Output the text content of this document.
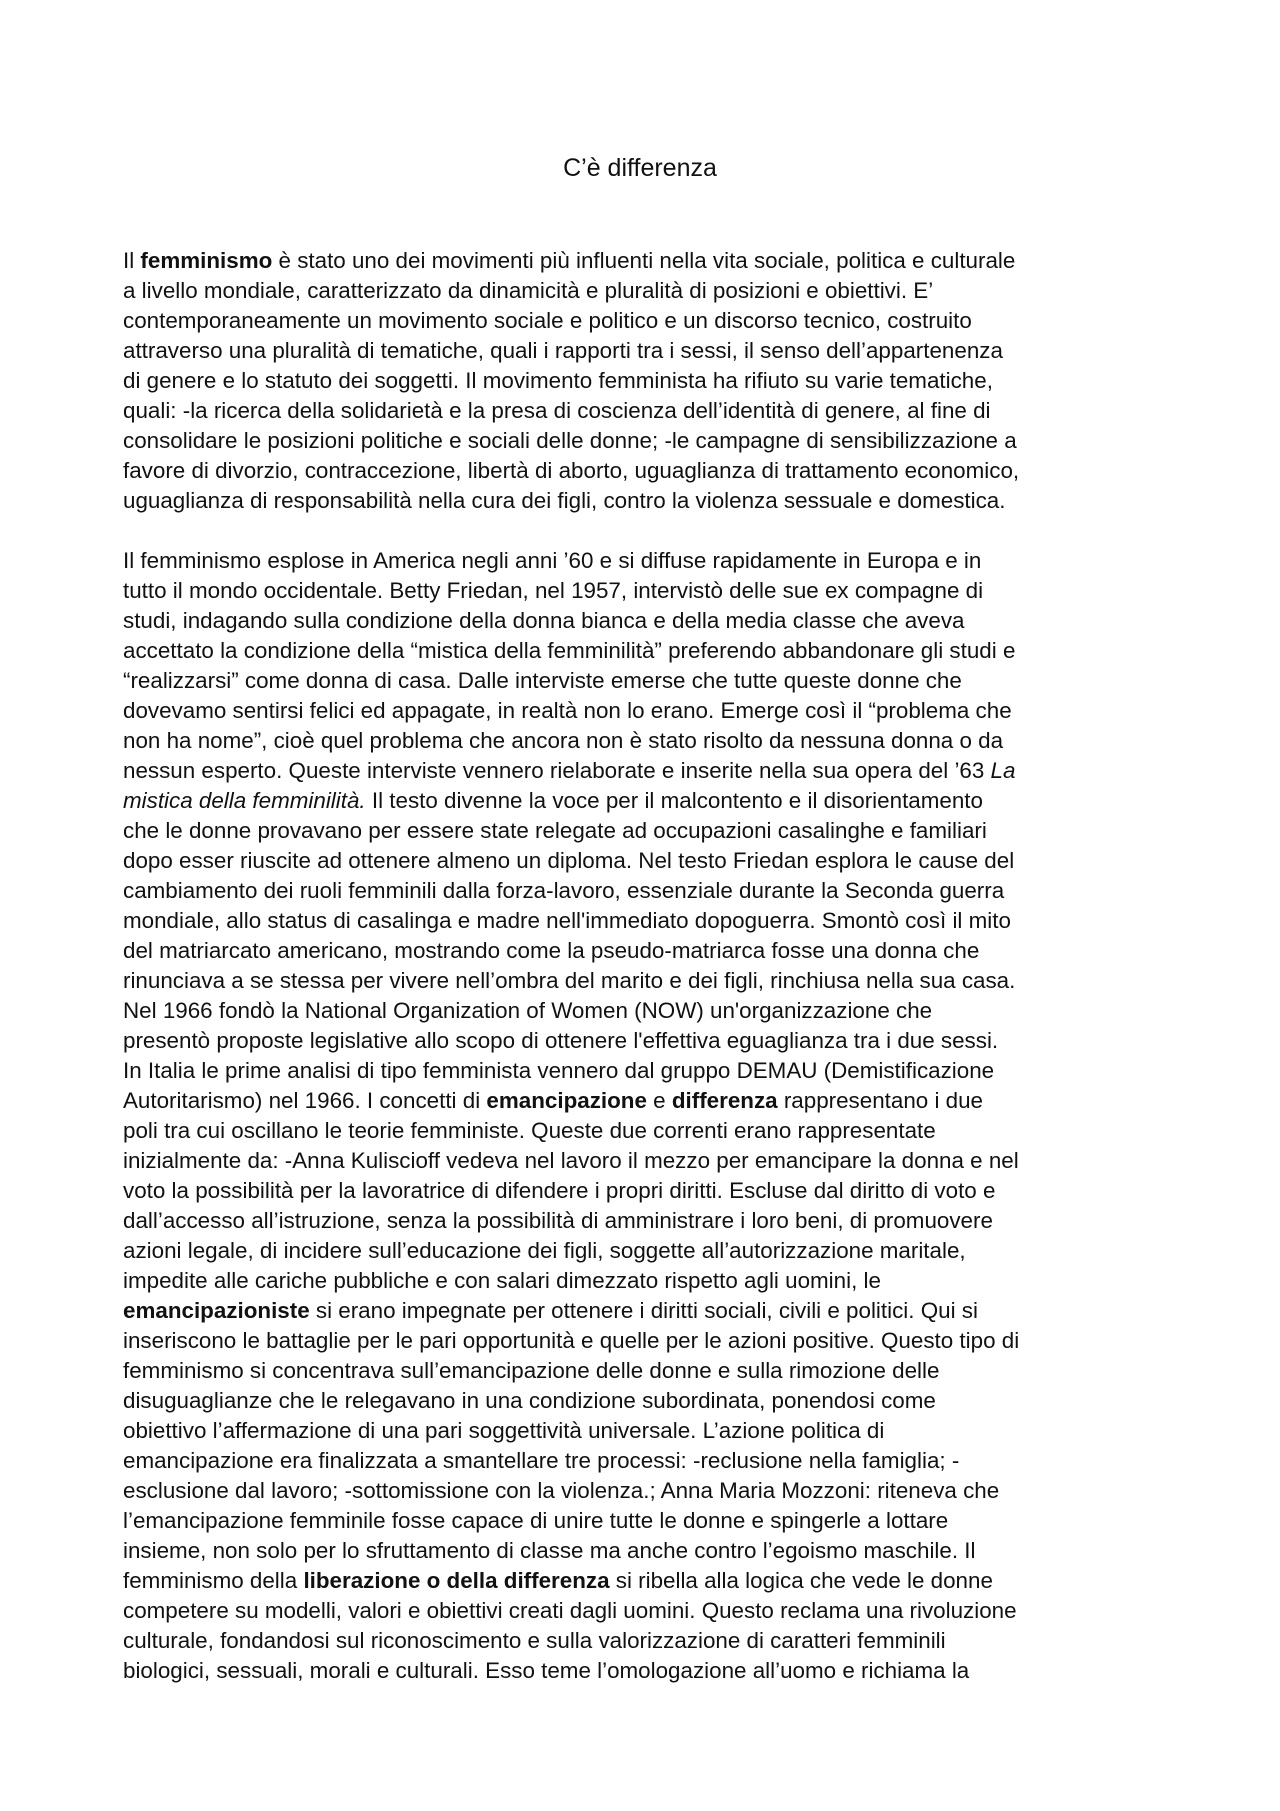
C’è differenza

Il femminismo è stato uno dei movimenti più influenti nella vita sociale, politica e culturale
a livello mondiale, caratterizzato da dinamicità e pluralità di posizioni e obiettivi. E’
contemporaneamente un movimento sociale e politico e un discorso tecnico, costruito
attraverso una pluralità di tematiche, quali i rapporti tra i sessi, il senso dell’appartenenza
di genere e lo statuto dei soggetti. Il movimento femminista ha rifiuto su varie tematiche,
quali: -la ricerca della solidarietà e la presa di coscienza dell’identità di genere, al fine di
consolidare le posizioni politiche e sociali delle donne; -le campagne di sensibilizzazione a
favore di divorzio, contraccezione, libertà di aborto, uguaglianza di trattamento economico,
uguaglianza di responsabilità nella cura dei figli, contro la violenza sessuale e domestica.

Il femminismo esplose in America negli anni ’60 e si diffuse rapidamente in Europa e in
tutto il mondo occidentale. Betty Friedan, nel 1957, intervistò delle sue ex compagne di
studi, indagando sulla condizione della donna bianca e della media classe che aveva
accettato la condizione della “mistica della femminilità” preferendo abbandonare gli studi e
“realizzarsi” come donna di casa. Dalle interviste emerse che tutte queste donne che
dovevamo sentirsi felici ed appagate, in realtà non lo erano. Emerge così il “problema che
non ha nome”, cioè quel problema che ancora non è stato risolto da nessuna donna o da
nessun esperto. Queste interviste vennero rielaborate e inserite nella sua opera del ’63 La
mistica della femminilità. Il testo divenne la voce per il malcontento e il disorientamento
che le donne provavano per essere state relegate ad occupazioni casalinghe e familiari
dopo esser riuscite ad ottenere almeno un diploma. Nel testo Friedan esplora le cause del
cambiamento dei ruoli femminili dalla forza-lavoro, essenziale durante la Seconda guerra
mondiale, allo status di casalinga e madre nell'immediato dopoguerra. Smontò così il mito
del matriarcato americano, mostrando come la pseudo-matriarca fosse una donna che
rinunciava a se stessa per vivere nell’ombra del marito e dei figli, rinchiusa nella sua casa.
Nel 1966 fondò la National Organization of Women (NOW) un'organizzazione che
presentò proposte legislative allo scopo di ottenere l'effettiva eguaglianza tra i due sessi.
In Italia le prime analisi di tipo femminista vennero dal gruppo DEMAU (Demistificazione
Autoritarismo) nel 1966. I concetti di emancipazione e differenza rappresentano i due
poli tra cui oscillano le teorie femministe. Queste due correnti erano rappresentate
inizialmente da: -Anna Kuliscioff vedeva nel lavoro il mezzo per emancipare la donna e nel
voto la possibilità per la lavoratrice di difendere i propri diritti. Escluse dal diritto di voto e
dall’accesso all’istruzione, senza la possibilità di amministrare i loro beni, di promuovere
azioni legale, di incidere sull’educazione dei figli, soggette all’autorizzazione maritale,
impedite alle cariche pubbliche e con salari dimezzato rispetto agli uomini, le
emancipazioniste si erano impegnate per ottenere i diritti sociali, civili e politici. Qui si
inseriscono le battaglie per le pari opportunità e quelle per le azioni positive. Questo tipo di
femminismo si concentrava sull’emancipazione delle donne e sulla rimozione delle
disuguaglianze che le relegavano in una condizione subordinata, ponendosi come
obiettivo l’affermazione di una pari soggettività universale. L’azione politica di
emancipazione era finalizzata a smantellare tre processi: -reclusione nella famiglia; -
esclusione dal lavoro; -sottomissione con la violenza.; Anna Maria Mozzoni: riteneva che
l’emancipazione femminile fosse capace di unire tutte le donne e spingerle a lottare
insieme, non solo per lo sfruttamento di classe ma anche contro l’egoismo maschile. Il
femminismo della liberazione o della differenza si ribella alla logica che vede le donne
competere su modelli, valori e obiettivi creati dagli uomini. Questo reclama una rivoluzione
culturale, fondandosi sul riconoscimento e sulla valorizzazione di caratteri femminili
biologici, sessuali, morali e culturali. Esso teme l’omologazione all’uomo e richiama la
